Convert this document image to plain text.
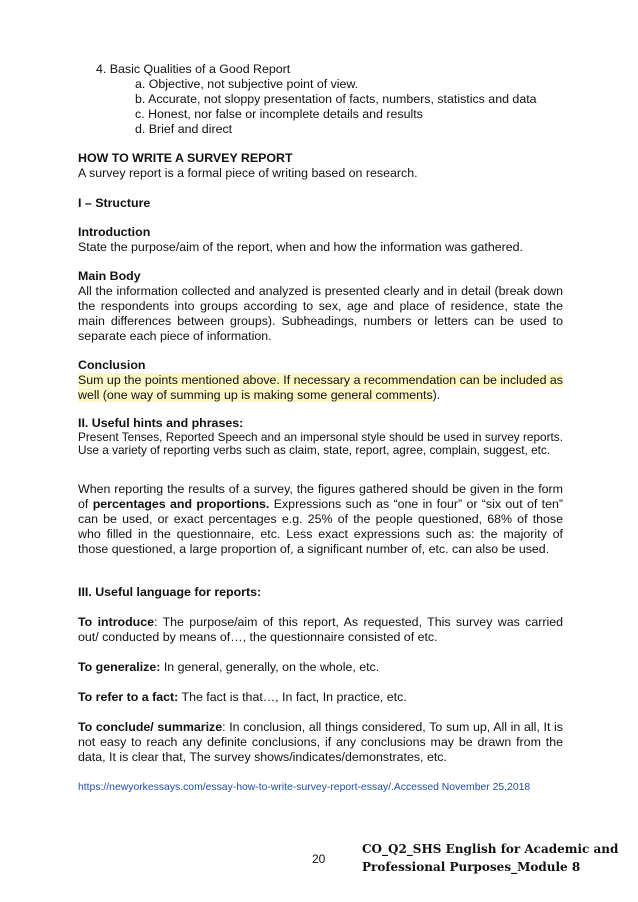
4. Basic Qualities of a Good Report

a. Objective, not subjective point of view.

b. Accurate, not sloppy presentation of facts, numbers, statistics and data

c. Honest, nor false or incomplete details and results

d. Brief and direct

HOW TO WRITE A SURVEY REPORT

A survey report is a formal piece of writing based on research.

I – Structure

Introduction

State the purpose/aim of the report, when and how the information was gathered.

Main Body

All the information collected and analyzed is presented clearly and in detail (break down the respondents into groups according to sex, age and place of residence, state the main differences between groups). Subheadings, numbers or letters can be used to separate each piece of information.

Conclusion

Sum up the points mentioned above. If necessary a recommendation can be included as well (one way of summing up is making some general comments).

II. Useful hints and phrases:

Present Tenses, Reported Speech and an impersonal style should be used in survey reports. Use a variety of reporting verbs such as claim, state, report, agree, complain, suggest, etc.

When reporting the results of a survey, the figures gathered should be given in the form of percentages and proportions. Expressions such as “one in four” or “six out of ten” can be used, or exact percentages e.g. 25% of the people questioned, 68% of those who filled in the questionnaire, etc. Less exact expressions such as: the majority of those questioned, a large proportion of, a significant number of, etc. can also be used.

III. Useful language for reports:

To introduce: The purpose/aim of this report, As requested, This survey was carried out/ conducted by means of…, the questionnaire consisted of etc.

To generalize: In general, generally, on the whole, etc.

To refer to a fact: The fact is that…, In fact, In practice, etc.

To conclude/ summarize: In conclusion, all things considered, To sum up, All in all, It is not easy to reach any definite conclusions, if any conclusions may be drawn from the data, It is clear that, The survey shows/indicates/demonstrates, etc.

https://newyorkessays.com/essay-how-to-write-survey-report-essay/.Accessed November 25,2018
20
CO_Q2_SHS English for Academic and
Professional Purposes_Module 8
